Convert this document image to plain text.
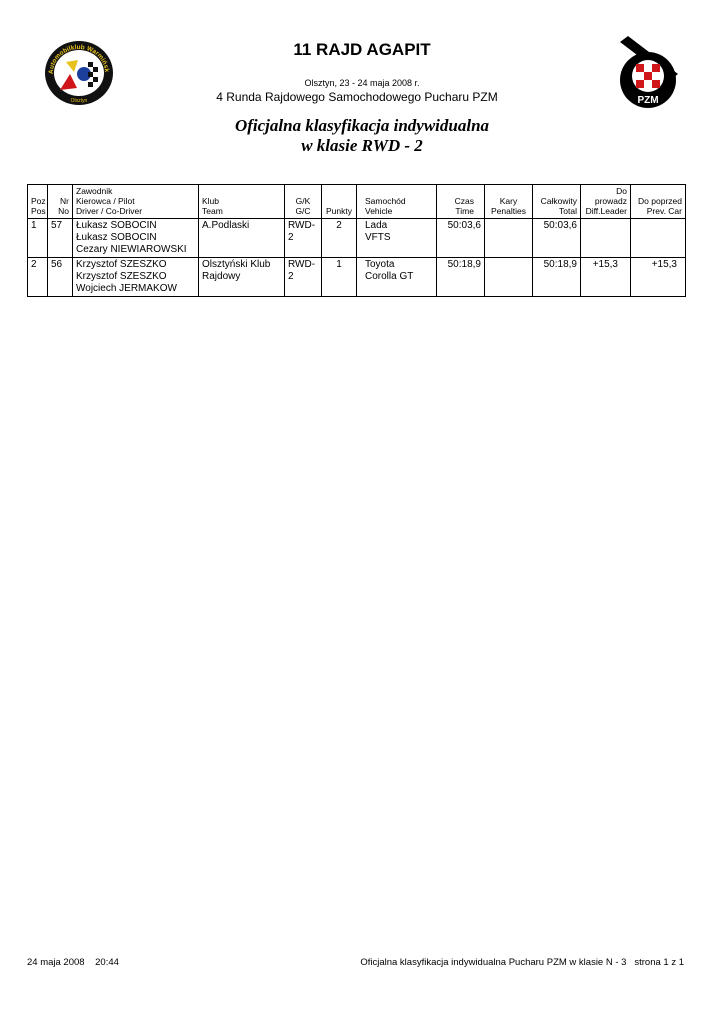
Automobilklub Warmińsk
Olsztyn	PZM
11 RAJD AGAPIT
Olsztyn, 23 - 24 maja 2008 r.
4 Runda Rajdowego Samochodowego Pucharu PZM
Oficjalna klasyfikacja indywidualna
w klasie RWD - 2
Poz
Pos	Nr
No	Zawodnik
Kierowca / Pilot
Driver / Co-Driver	Klub
Team	G/K
G/C	Punkty	Samochód
Vehicle	Czas
Time	Kary
Penalties	Całkowity
Total	Do prowadz
Diff.Leader	Do poprzed
Prev. Car
1	57	Łukasz SOBOCIN
Łukasz SOBOCIN
Cezary NIEWIAROWSKI	A.Podlaski	RWD-2	2	Lada
VFTS	50:03,6		50:03,6		
2	56	Krzysztof SZESZKO
Krzysztof SZESZKO
Wojciech JERMAKOW	Olsztyński Klub
Rajdowy	RWD-2	1	Toyota
Corolla GT	50:18,9		50:18,9	+15,3	+15,3
24 maja 2008    20:44	Oficjalna klasyfikacja indywidualna Pucharu PZM w klasie N - 3   strona 1 z 1
